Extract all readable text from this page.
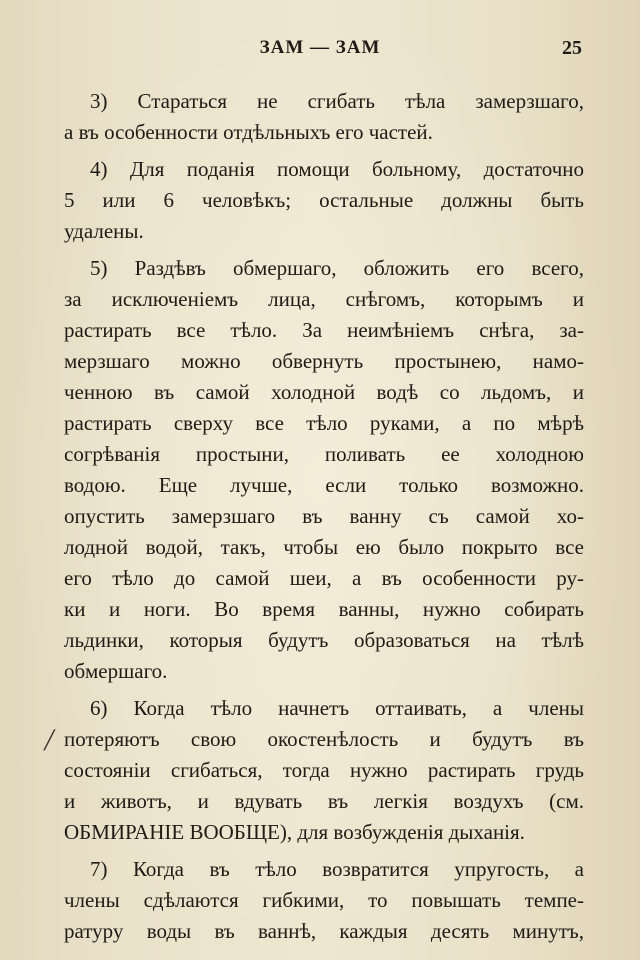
ЗАМ — ЗАМ	25
3) Стараться не сгибать тѣла замерзшаго,
а въ особенности отдѣльныхъ его частей.
4) Для поданія помощи больному, достаточно
5 или 6 человѣкъ; остальные должны быть
удалены.
5) Раздѣвъ обмершаго, обложить его всего,
за исключеніемъ лица, снѣгомъ, которымъ и
растирать все тѣло. За неимѣніемъ снѣга, за-
мерзшаго можно обвернуть простынею, намо-
ченною въ самой холодной водѣ со льдомъ, и
растирать сверху все тѣло руками, а по мѣрѣ
согрѣванія простыни, поливать ее холодною
водою. Еще лучше, если только возможно.
опустить замерзшаго въ ванну съ самой хо-
лодной водой, такъ, чтобы ею было покрыто все
его тѣло до самой шеи, а въ особенности ру-
ки и ноги. Во время ванны, нужно собирать
льдинки, которыя будутъ образоваться на тѣлѣ
обмершаго.
6) Когда тѣло начнетъ оттаивать, а члены
потеряютъ свою окостенѣлость и будутъ въ
состояніи сгибаться, тогда нужно растирать грудь
и животъ, и вдувать въ легкія воздухъ (см.
ОБМИРАНІЕ ВООБЩЕ), для возбужденія дыханія.
7) Когда въ тѣло возвратится упругость, а
члены сдѣлаются гибкими, то повышать темпе-
ратуру воды въ ваннѣ, каждыя десять минутъ,
╱
